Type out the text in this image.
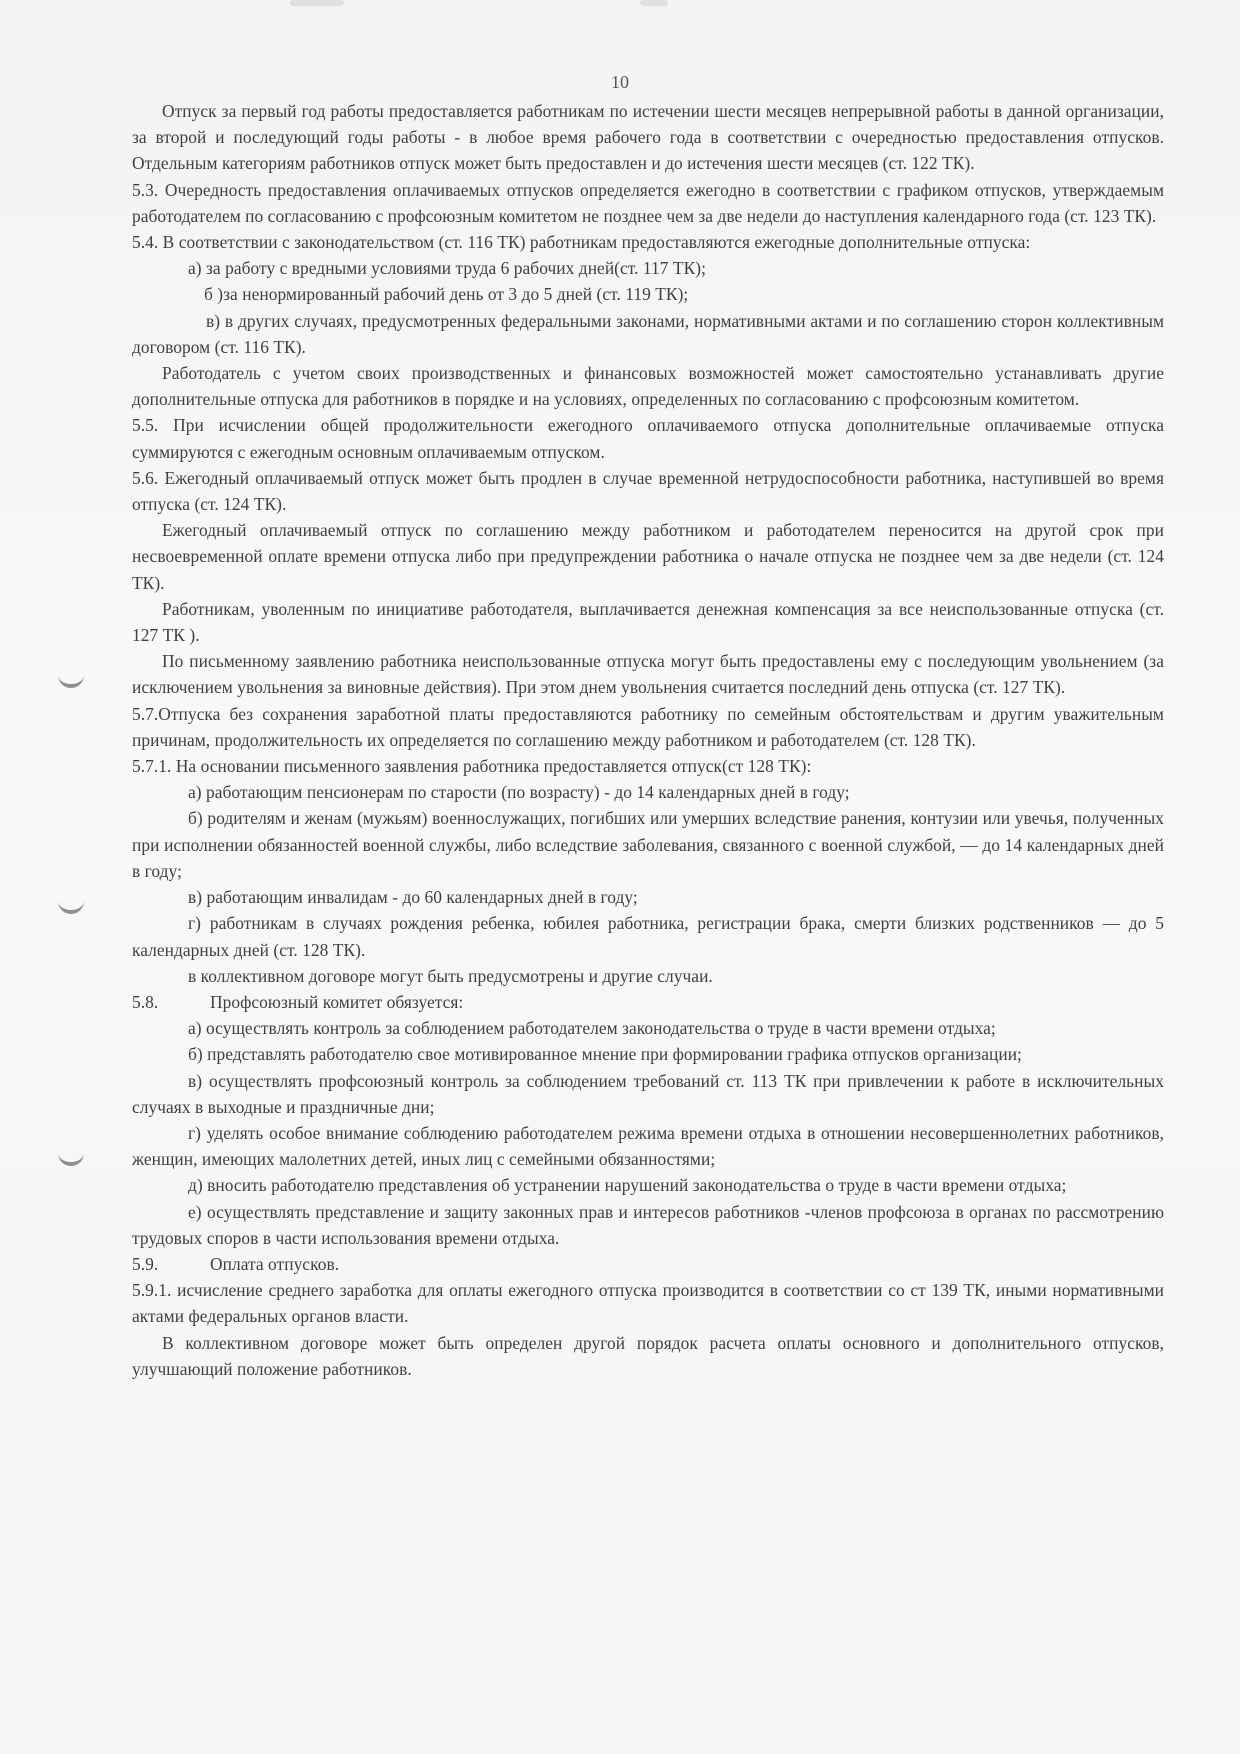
10

Отпуск за первый год работы предоставляется работникам по истечении шести месяцев непрерывной работы в данной организации, за второй и последующий годы работы - в любое время рабочего года в соответствии с очередностью предоставления отпусков. Отдельным категориям работников отпуск может быть предоставлен и до истечения шести месяцев (ст. 122 ТК).

5.3. Очередность предоставления оплачиваемых отпусков определяется ежегодно в соответствии с графиком отпусков, утверждаемым работодателем по согласованию с профсоюзным комитетом не позднее чем за две недели до наступления календарного года (ст. 123 ТК).

5.4. В соответствии с законодательством (ст. 116 ТК) работникам предоставляются ежегодные дополнительные отпуска:

а) за работу с вредными условиями труда 6 рабочих дней(ст. 117 ТК);

б )за ненормированный рабочий день от 3 до 5 дней (ст. 119 ТК);

в) в других случаях, предусмотренных федеральными законами, нормативными актами и по соглашению сторон коллективным договором (ст. 116 ТК).

Работодатель с учетом своих производственных и финансовых возможностей может самостоятельно устанавливать другие дополнительные отпуска для работников в порядке и на условиях, определенных по согласованию с профсоюзным комитетом.

5.5. При исчислении общей продолжительности ежегодного оплачиваемого отпуска дополнительные оплачиваемые отпуска суммируются с ежегодным основным оплачиваемым отпуском.

5.6. Ежегодный оплачиваемый отпуск может быть продлен в случае временной нетрудоспособности работника, наступившей во время отпуска (ст. 124 ТК).

Ежегодный оплачиваемый отпуск по соглашению между работником и работодателем переносится на другой срок при несвоевременной оплате времени отпуска либо при предупреждении работника о начале отпуска не позднее чем за две недели (ст. 124 ТК).

Работникам, уволенным по инициативе работодателя, выплачивается денежная компенсация за все неиспользованные отпуска (ст. 127 ТК ).

По письменному заявлению работника неиспользованные отпуска могут быть предоставлены ему с последующим увольнением (за исключением увольнения за виновные действия). При этом днем увольнения считается последний день отпуска (ст. 127 ТК).

5.7.Отпуска без сохранения заработной платы предоставляются работнику по семейным обстоятельствам и другим уважительным причинам, продолжительность их определяется по соглашению между работником и работодателем (ст. 128 ТК).

5.7.1. На основании письменного заявления работника предоставляется отпуск(ст 128 ТК):

а) работающим пенсионерам по старости (по возрасту) - до 14 календарных дней в году;

б) родителям и женам (мужьям) военнослужащих, погибших или умерших вследствие ранения, контузии или увечья, полученных при исполнении обязанностей военной службы, либо вследствие заболевания, связанного с военной службой, — до 14 календарных дней в году;

в) работающим инвалидам - до 60 календарных дней в году;

г) работникам в случаях рождения ребенка, юбилея работника, регистрации брака, смерти близких родственников — до 5 календарных дней (ст. 128 ТК).

в коллективном договоре могут быть предусмотрены и другие случаи.

5.8.	Профсоюзный комитет обязуется:

а) осуществлять контроль за соблюдением работодателем законодательства о труде в части времени отдыха;

б) представлять работодателю свое мотивированное мнение при формировании графика отпусков организации;

в) осуществлять профсоюзный контроль за соблюдением требований ст. 113 ТК при привлечении к работе в исключительных случаях в выходные и праздничные дни;

г) уделять особое внимание соблюдению работодателем режима времени отдыха в отношении несовершеннолетних работников, женщин, имеющих малолетних детей, иных лиц с семейными обязанностями;

д) вносить работодателю представления об устранении нарушений законодательства о труде в части времени отдыха;

е) осуществлять представление и защиту законных прав и интересов работников -членов профсоюза в органах по рассмотрению трудовых споров в части использования времени отдыха.

5.9.	Оплата отпусков.

5.9.1. исчисление среднего заработка для оплаты ежегодного отпуска производится в соответствии со ст 139 ТК, иными нормативными актами федеральных органов власти.

В коллективном договоре может быть определен другой порядок расчета оплаты основного и дополнительного отпусков, улучшающий положение работников.
